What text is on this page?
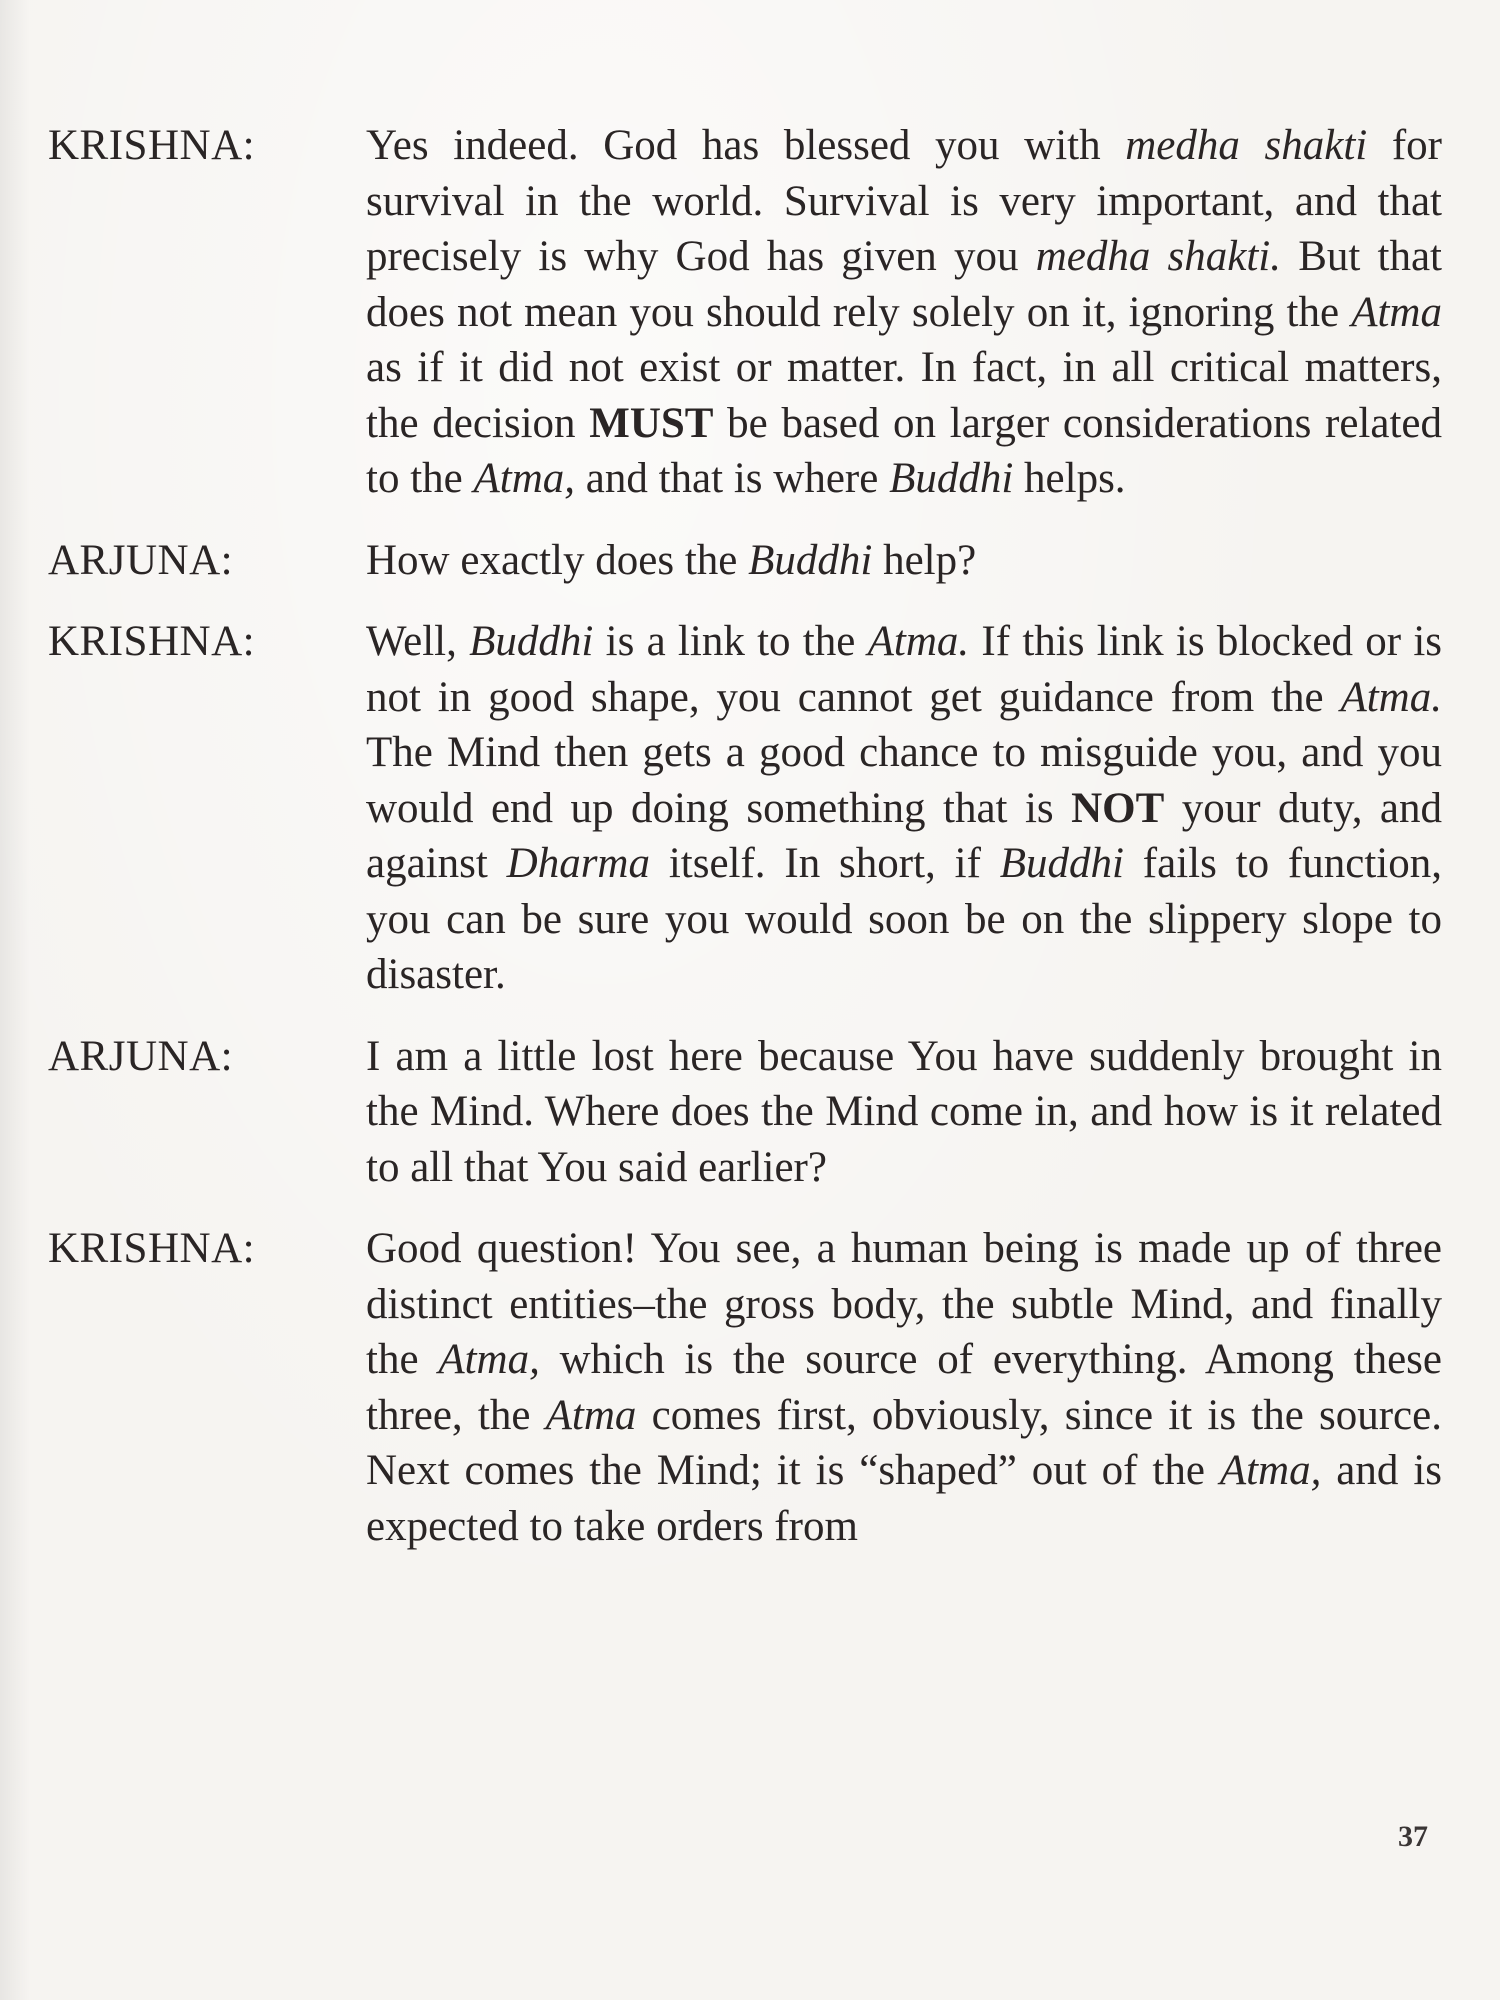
KRISHNA:	Yes indeed. God has blessed you with medha shakti for survival in the world. Survival is very important, and that precisely is why God has given you medha shakti. But that does not mean you should rely solely on it, ignoring the Atma as if it did not exist or matter. In fact, in all critical matters, the decision MUST be based on larger considerations related to the Atma, and that is where Buddhi helps.
ARJUNA:	How exactly does the Buddhi help?
KRISHNA:	Well, Buddhi is a link to the Atma. If this link is blocked or is not in good shape, you cannot get guidance from the Atma. The Mind then gets a good chance to misguide you, and you would end up doing something that is NOT your duty, and against Dharma itself. In short, if Buddhi fails to function, you can be sure you would soon be on the slippery slope to disaster.
ARJUNA:	I am a little lost here because You have suddenly brought in the Mind. Where does the Mind come in, and how is it related to all that You said earlier?
KRISHNA:	Good question! You see, a human being is made up of three distinct entities–the gross body, the subtle Mind, and finally the Atma, which is the source of everything. Among these three, the Atma comes first, obviously, since it is the source. Next comes the Mind; it is “shaped” out of the Atma, and is expected to take orders from
37
